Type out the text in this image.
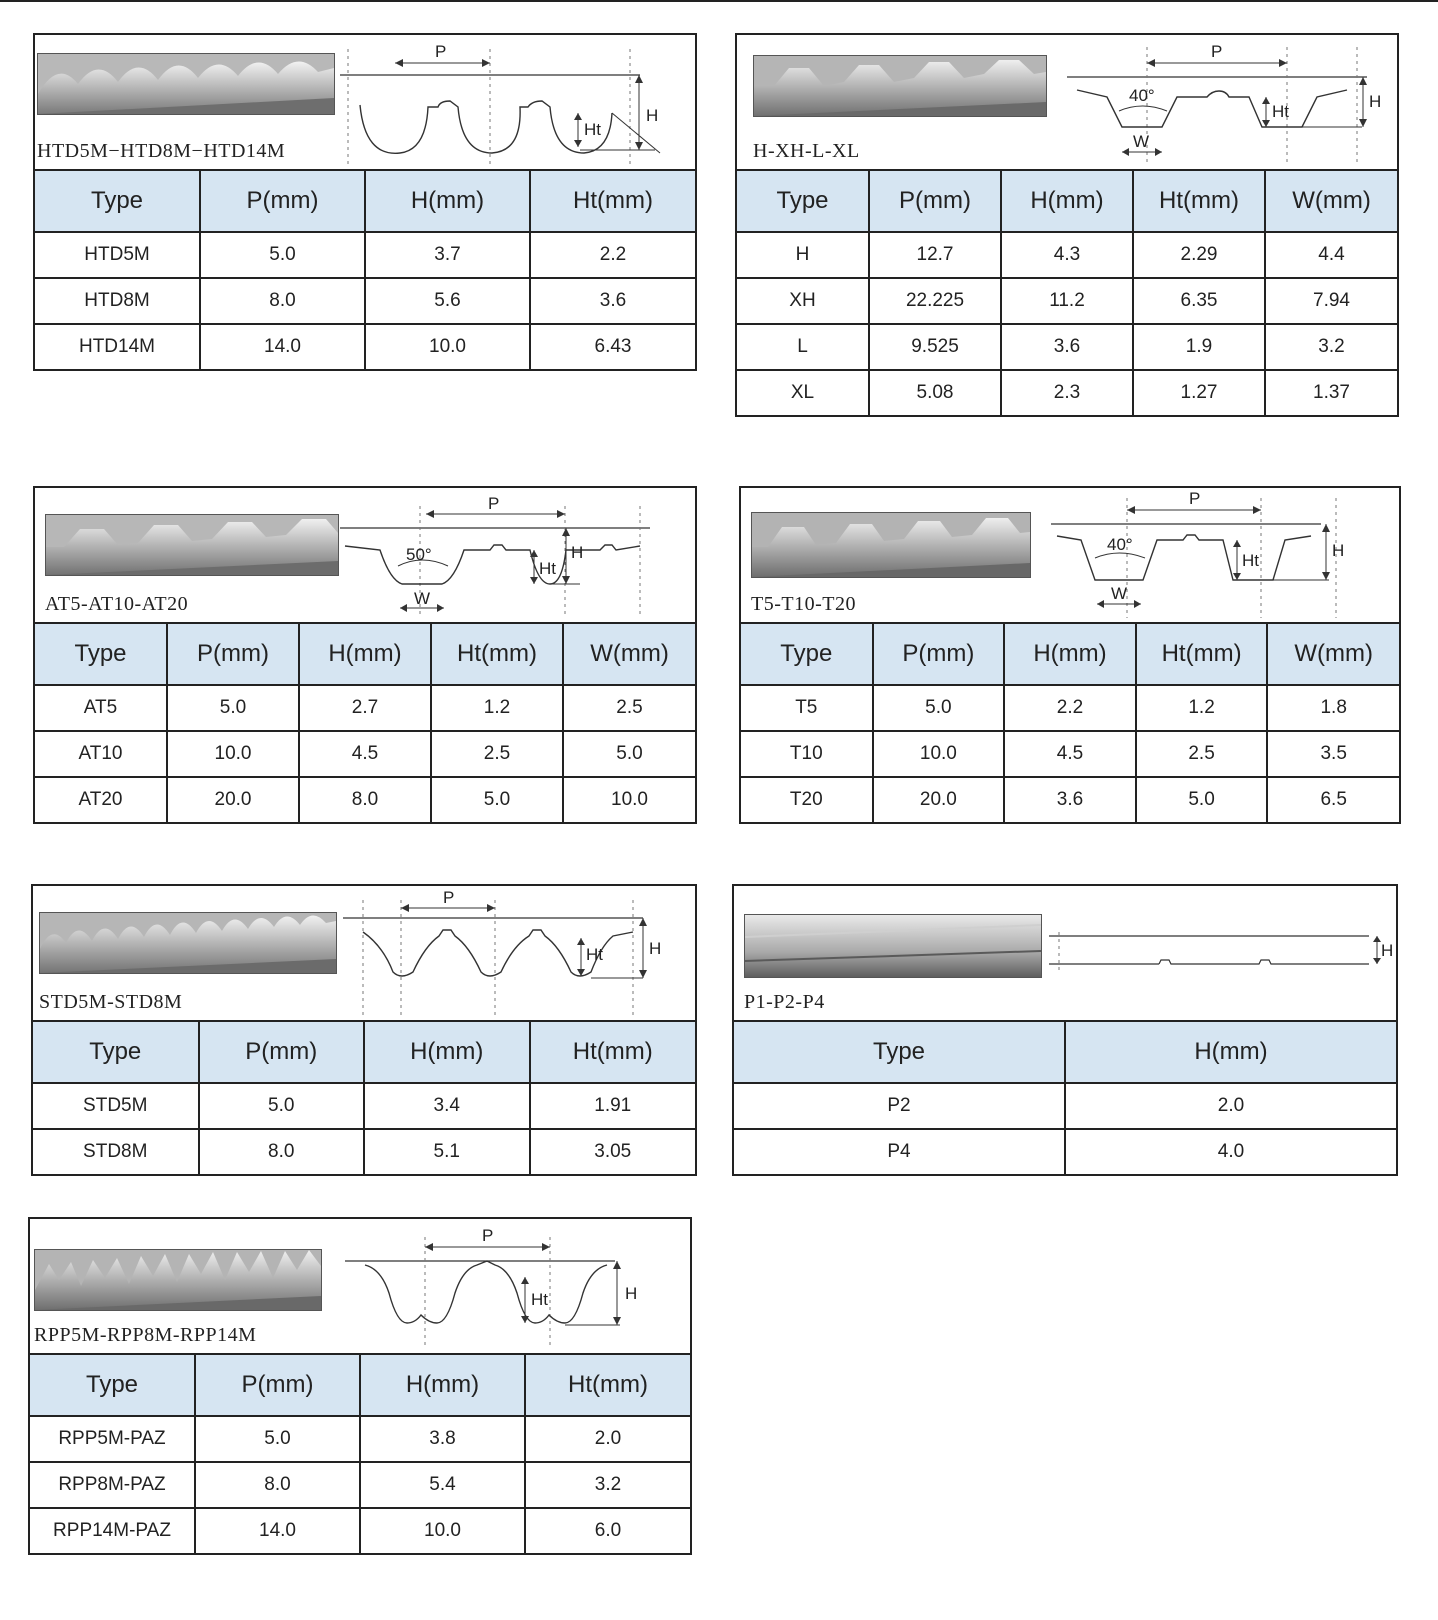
P
H
Ht
HTD5M−HTD8M−HTD14M
Type	P(mm)	H(mm)	Ht(mm)
HTD5M	5.0	3.7	2.2
HTD8M	8.0	5.6	3.6
HTD14M	14.0	10.0	6.43
P
40°
W
Ht
H
H-XH-L-XL
Type	P(mm)	H(mm)	Ht(mm)	W(mm)
H	12.7	4.3	2.29	4.4
XH	22.225	11.2	6.35	7.94
L	9.525	3.6	1.9	3.2
XL	5.08	2.3	1.27	1.37
P
50°
W
Ht
H
AT5-AT10-AT20
Type	P(mm)	H(mm)	Ht(mm)	W(mm)
AT5	5.0	2.7	1.2	2.5
AT10	10.0	4.5	2.5	5.0
AT20	20.0	8.0	5.0	10.0
P
40°
W
Ht
H
T5-T10-T20
Type	P(mm)	H(mm)	Ht(mm)	W(mm)
T5	5.0	2.2	1.2	1.8
T10	10.0	4.5	2.5	3.5
T20	20.0	3.6	5.0	6.5
P
Ht	H
STD5M-STD8M
Type	P(mm)	H(mm)	Ht(mm)
STD5M	5.0	3.4	1.91
STD8M	8.0	5.1	3.05
H
P1-P2-P4
Type	H(mm)
P2	2.0
P4	4.0
P
Ht	H
RPP5M-RPP8M-RPP14M
Type	P(mm)	H(mm)	Ht(mm)
RPP5M-PAZ	5.0	3.8	2.0
RPP8M-PAZ	8.0	5.4	3.2
RPP14M-PAZ	14.0	10.0	6.0
